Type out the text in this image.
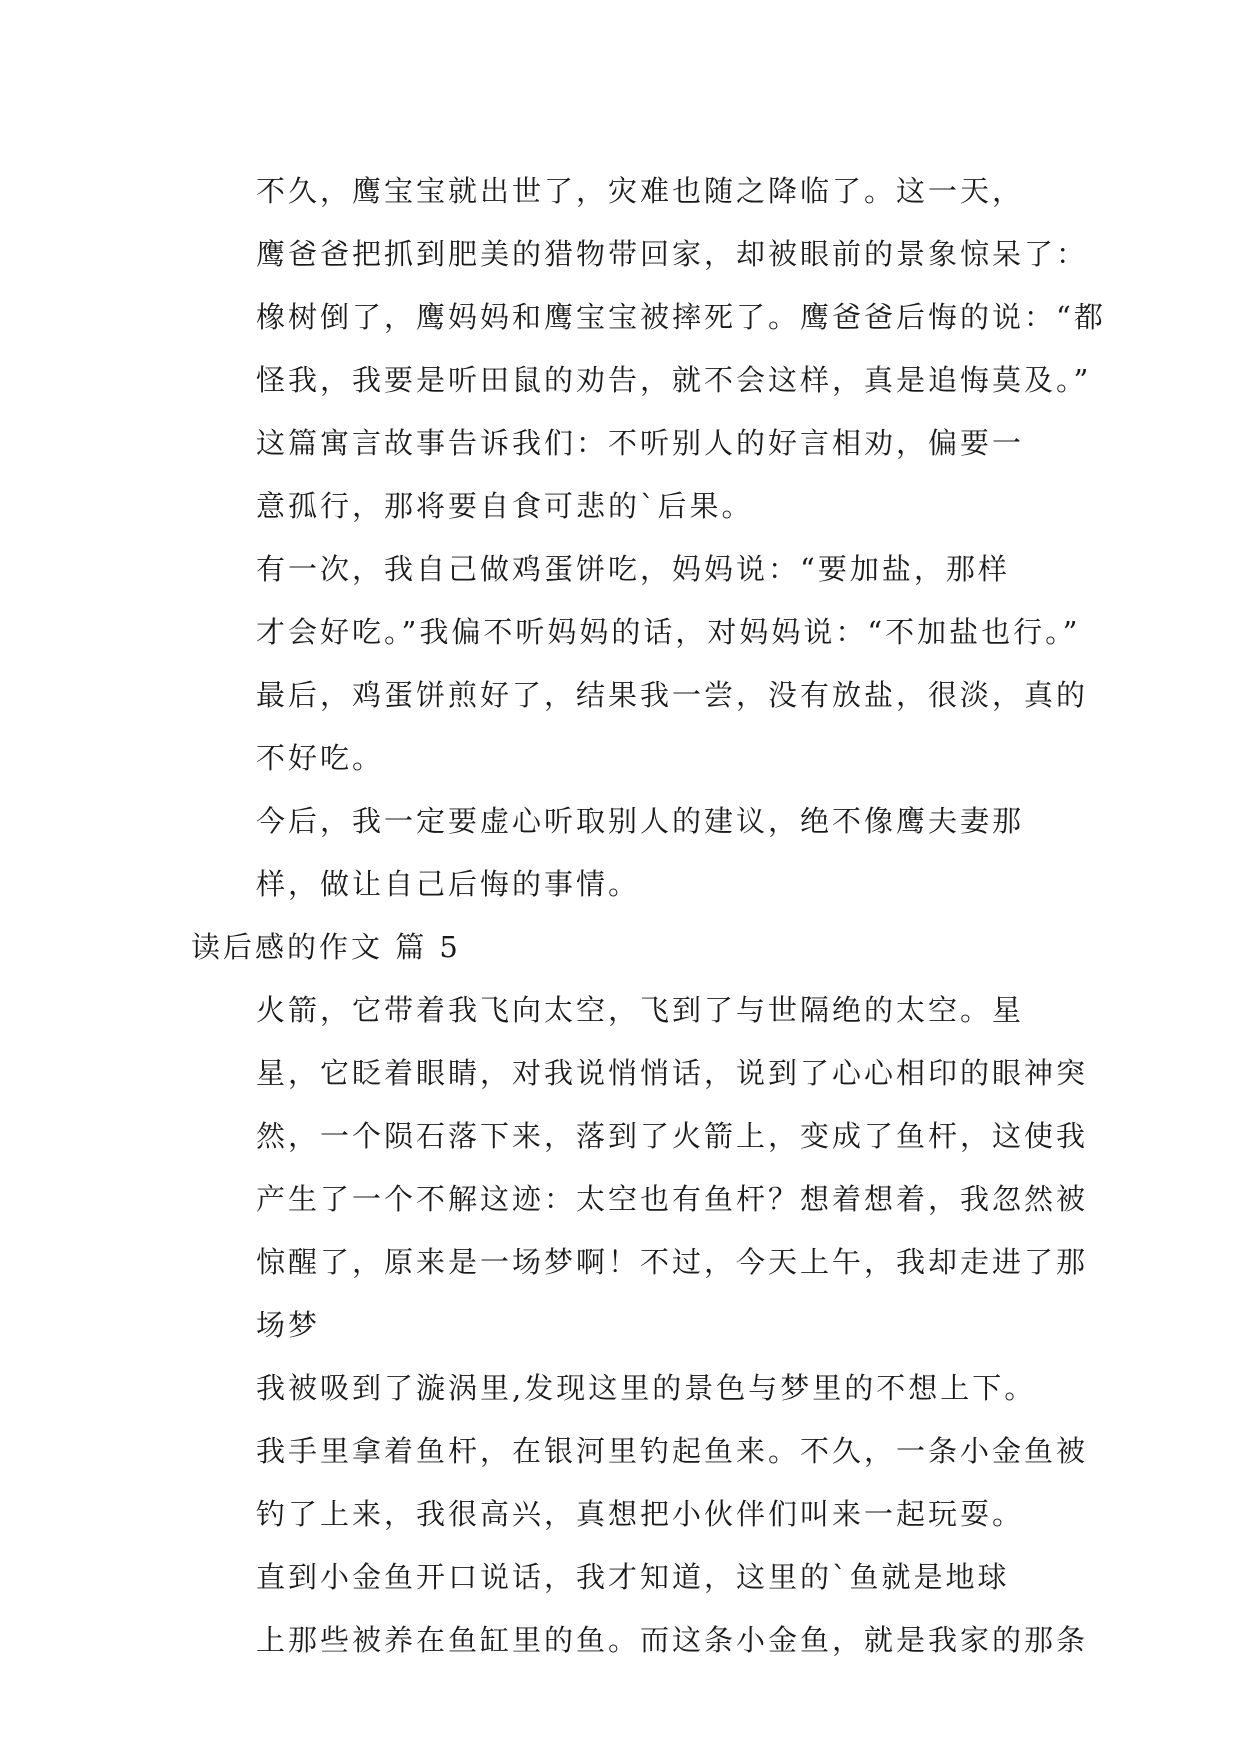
不久，鹰宝宝就出世了，灾难也随之降临了。这一天，
鹰爸爸把抓到肥美的猎物带回家，却被眼前的景象惊呆了：
橡树倒了，鹰妈妈和鹰宝宝被摔死了。鹰爸爸后悔的说：“都
怪我，我要是听田鼠的劝告，就不会这样，真是追悔莫及。”

这篇寓言故事告诉我们：不听别人的好言相劝，偏要一
意孤行，那将要自食可悲的`后果。

有一次，我自己做鸡蛋饼吃，妈妈说：“要加盐，那样
才会好吃。”我偏不听妈妈的话，对妈妈说：“不加盐也行。”
最后，鸡蛋饼煎好了，结果我一尝，没有放盐，很淡，真的
不好吃。

今后，我一定要虚心听取别人的建议，绝不像鹰夫妻那
样，做让自己后悔的事情。

读后感的作文 篇 5

火箭，它带着我飞向太空，飞到了与世隔绝的太空。星
星，它眨着眼睛，对我说悄悄话，说到了心心相印的眼神突
然，一个陨石落下来，落到了火箭上，变成了鱼杆，这使我
产生了一个不解这迹：太空也有鱼杆？想着想着，我忽然被
惊醒了，原来是一场梦啊！不过，今天上午，我却走进了那
场梦

我被吸到了漩涡里,发现这里的景色与梦里的不想上下。
我手里拿着鱼杆，在银河里钓起鱼来。不久，一条小金鱼被
钓了上来，我很高兴，真想把小伙伴们叫来一起玩耍。

直到小金鱼开口说话，我才知道，这里的`鱼就是地球
上那些被养在鱼缸里的鱼。而这条小金鱼，就是我家的那条
